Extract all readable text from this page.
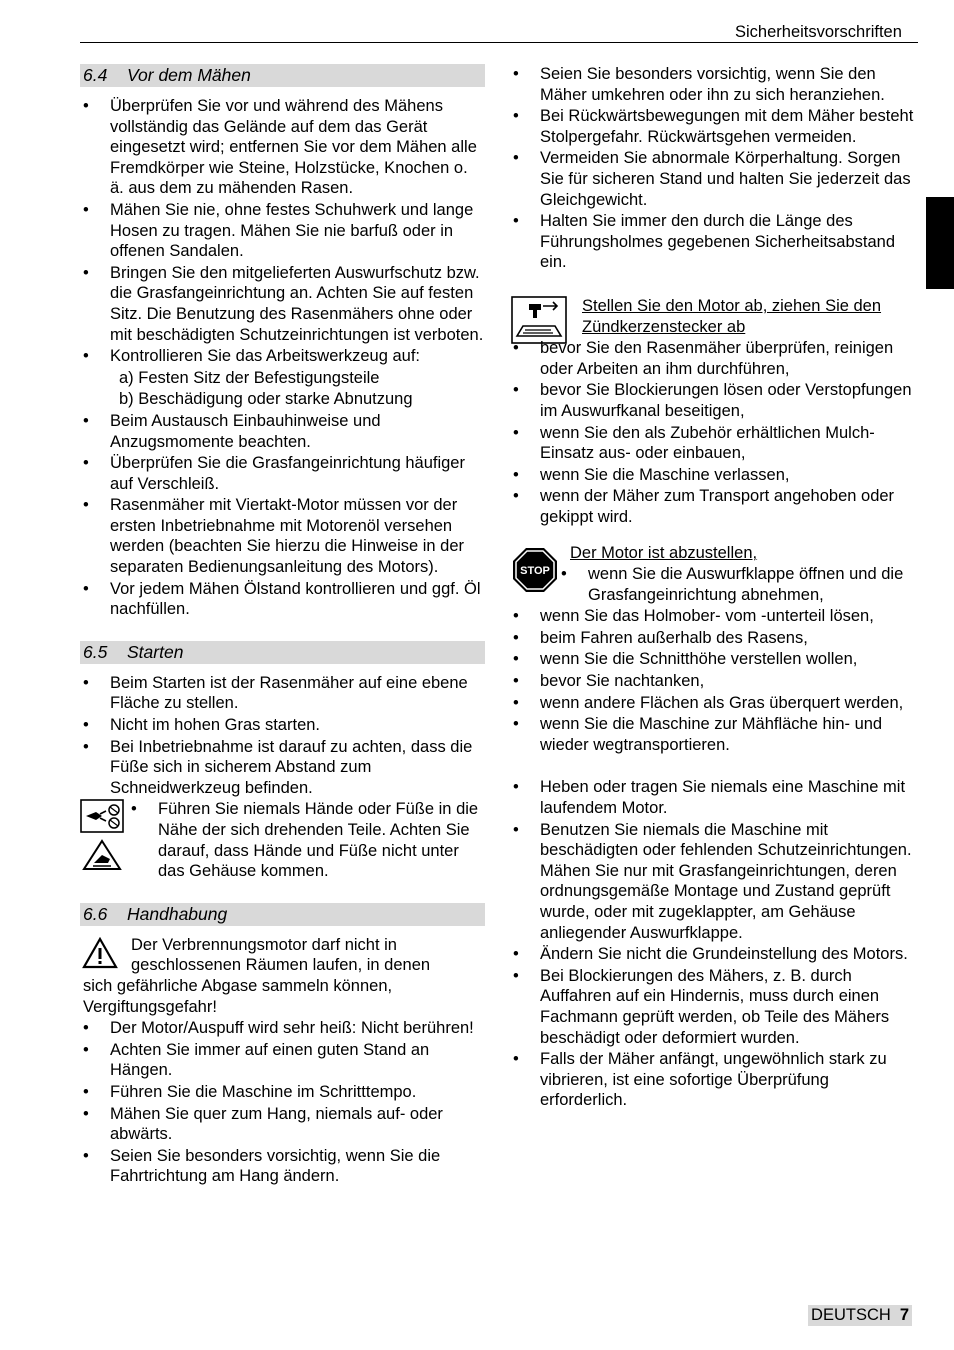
Sicherheitsvorschriften
6.4 Vor dem Mähen
• Überprüfen Sie vor und während des Mähens vollständig das Gelände auf dem das Gerät eingesetzt wird; entfernen Sie vor dem Mähen alle Fremdkörper wie Steine, Holzstücke, Knochen o. ä. aus dem zu mähenden Rasen.
• Mähen Sie nie, ohne festes Schuhwerk und lange Hosen zu tragen. Mähen Sie nie barfuß oder in offenen Sandalen.
• Bringen Sie den mitgelieferten Auswurfschutz bzw. die Grasfangeinrichtung an. Achten Sie auf festen Sitz. Die Benutzung des Rasenmähers ohne oder mit beschädigten Schutzeinrichtungen ist verboten.
• Kontrollieren Sie das Arbeitswerkzeug auf:
a) Festen Sitz der Befestigungsteile
b) Beschädigung oder starke Abnutzung
• Beim Austausch Einbauhinweise und Anzugsmomente beachten.
• Überprüfen Sie die Grasfangeinrichtung häufiger auf Verschleiß.
• Rasenmäher mit Viertakt-Motor müssen vor der ersten Inbetriebnahme mit Motorenöl versehen werden (beachten Sie hierzu die Hinweise in der separaten Bedienungsanleitung des Motors).
• Vor jedem Mähen Ölstand kontrollieren und ggf. Öl nachfüllen.
6.5 Starten
• Beim Starten ist der Rasenmäher auf eine ebene Fläche zu stellen.
• Nicht im hohen Gras starten.
• Bei Inbetriebnahme ist darauf zu achten, dass die Füße sich in sicherem Abstand zum Schneidwerkzeug befinden.
• Führen Sie niemals Hände oder Füße in die Nähe der sich drehenden Teile. Achten Sie darauf, dass Hände und Füße nicht unter das Gehäuse kommen.
6.6 Handhabung

Der Verbrennungsmotor darf nicht in

geschlossenen Räumen laufen, in denen

sich gefährliche Abgase sammeln können, Vergiftungsgefahr!

• Der Motor/Auspuff wird sehr heiß: Nicht berühren!
• Achten Sie immer auf einen guten Stand an Hängen.
• Führen Sie die Maschine im Schritttempo.
• Mähen Sie quer zum Hang, niemals auf- oder abwärts.
• Seien Sie besonders vorsichtig, wenn Sie die Fahrtrichtung am Hang ändern.
• Seien Sie besonders vorsichtig, wenn Sie den Mäher umkehren oder ihn zu sich heranziehen.
• Bei Rückwärtsbewegungen mit dem Mäher besteht Stolpergefahr. Rückwärtsgehen vermeiden.
• Vermeiden Sie abnormale Körperhaltung. Sorgen Sie für sicheren Stand und halten Sie jederzeit das Gleichgewicht.
• Halten Sie immer den durch die Länge des Führungsholmes gegebenen Sicherheitsabstand ein.

Stellen Sie den Motor ab, ziehen Sie den Zündkerzenstecker ab

• bevor Sie den Rasenmäher überprüfen, reinigen oder Arbeiten an ihm durchführen,
• bevor Sie Blockierungen lösen oder Verstopfungen im Auswurfkanal beseitigen,
• wenn Sie den als Zubehör erhältlichen Mulch-Einsatz aus- oder einbauen,
• wenn Sie die Maschine verlassen,
• wenn der Mäher zum Transport angehoben oder gekippt wird.
STOP

Der Motor ist abzustellen,

• wenn Sie die Auswurfklappe öffnen und die Grasfangeinrichtung abnehmen,
• wenn Sie das Holmober- vom -unterteil lösen,
• beim Fahren außerhalb des Rasens,
• wenn Sie die Schnitthöhe verstellen wollen,
• bevor Sie nachtanken,
• wenn andere Flächen als Gras überquert werden,
• wenn Sie die Maschine zur Mähfläche hin- und wieder wegtransportieren.
• Heben oder tragen Sie niemals eine Maschine mit laufendem Motor.
• Benutzen Sie niemals die Maschine mit beschädigten oder fehlenden Schutzeinrichtungen. Mähen Sie nur mit Grasfangeinrichtungen, deren ordnungsgemäße Montage und Zustand geprüft wurde, oder mit zugeklappter, am Gehäuse anliegender Auswurfklappe.
• Ändern Sie nicht die Grundeinstellung des Motors.
• Bei Blockierungen des Mähers, z. B. durch Auffahren auf ein Hindernis, muss durch einen Fachmann geprüft werden, ob Teile des Mähers beschädigt oder deformiert wurden.
• Falls der Mäher anfängt, ungewöhnlich stark zu vibrieren, ist eine sofortige Überprüfung erforderlich.
DEUTSCH 7
